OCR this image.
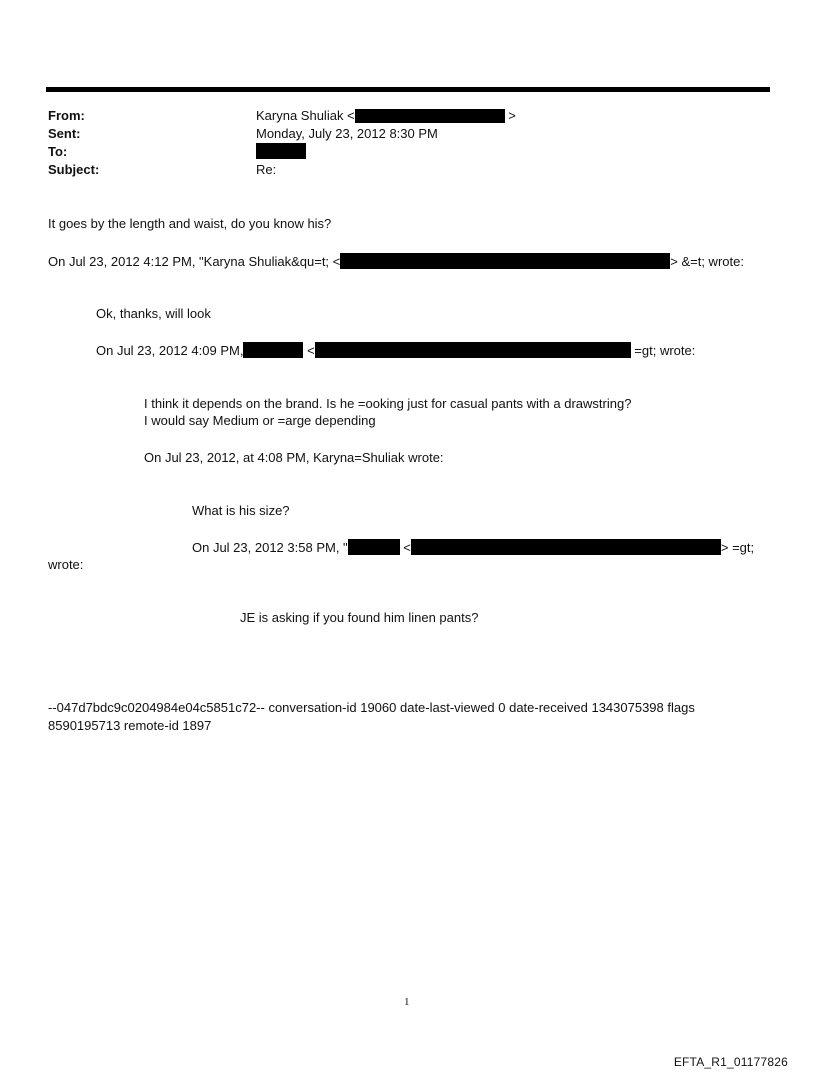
From:	Karyna Shuliak <	>
Sent:	Monday, July 23, 2012 8:30 PM
To:
Subject:	Re:
It goes by the length and waist, do you know his?
On Jul 23, 2012 4:12 PM, "Karyna Shuliak&qu=t; <	> &=t; wrote:
Ok, thanks, will look
On Jul 23, 2012 4:09 PM,	<	=gt; wrote:
I think it depends on the brand. Is he =ooking just for casual pants with a drawstring?
I would say Medium or =arge depending
On Jul 23, 2012, at 4:08 PM, Karyna=Shuliak wrote:
What is his size?
On Jul 23, 2012 3:58 PM, "	<	> =gt;
wrote:
JE is asking if you found him linen pants?
--047d7bdc9c0204984e04c5851c72-- conversation-id 19060 date-last-viewed 0 date-received 1343075398 flags
8590195713 remote-id 1897
1
EFTA_R1_01177826
